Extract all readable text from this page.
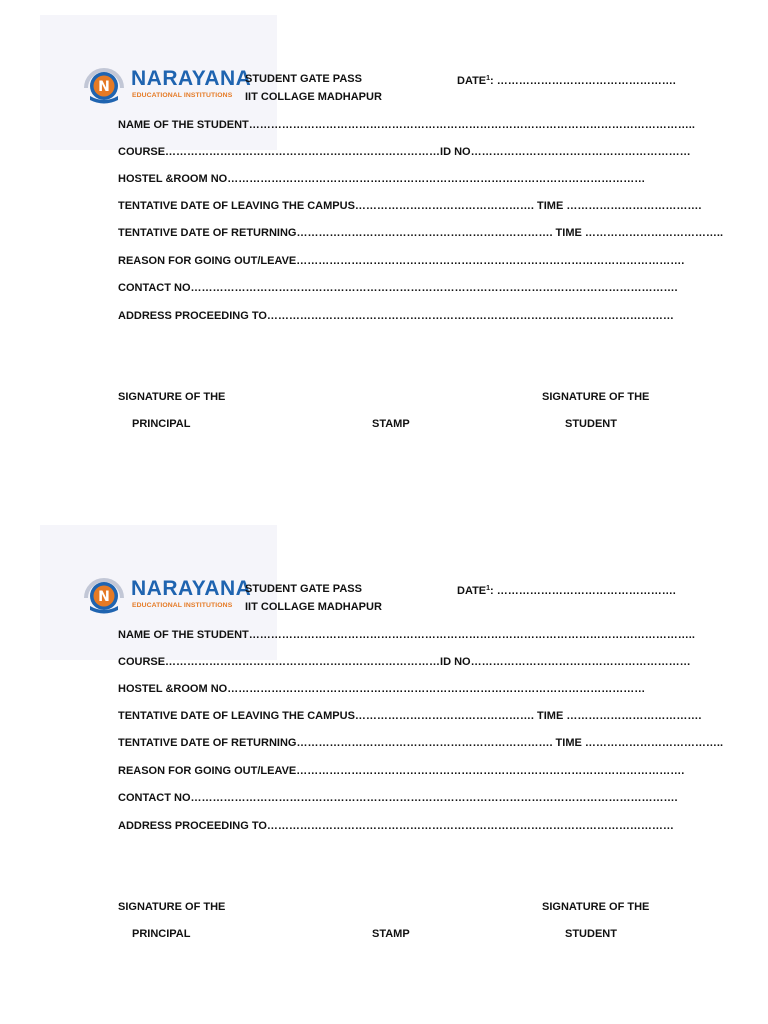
N NARAYANA
EDUCATIONAL INSTITUTIONS
STUDENT GATE PASS
IIT COLLAGE MADHAPUR
DATE$^1$: ………………………………………….
NAME OF THE STUDENT…………………………………………………………………………………………………………..
COURSE…………………………………………………………………ID NO……………………………………………………
HOSTEL &ROOM NO……………………………………………………………………………………………………
TENTATIVE DATE OF LEAVING THE CAMPUS…………………………………………. TIME ……………………………….
TENTATIVE DATE OF RETURNING……………………………………………………………. TIME ………………………………..
REASON FOR GOING OUT/LEAVE…………………………………………………………………………………………….
CONTACT NO…………………………………………………………………………………………………………………….
ADDRESS PROCEEDING TO…………………………………………………………………………………………………
SIGNATURE OF THE
PRINCIPAL	STAMP
SIGNATURE OF THE
STUDENT
N NARAYANA
EDUCATIONAL INSTITUTIONS
STUDENT GATE PASS
IIT COLLAGE MADHAPUR
DATE$^1$: ………………………………………….
NAME OF THE STUDENT…………………………………………………………………………………………………………..
COURSE…………………………………………………………………ID NO……………………………………………………
HOSTEL &ROOM NO……………………………………………………………………………………………………
TENTATIVE DATE OF LEAVING THE CAMPUS…………………………………………. TIME ……………………………….
TENTATIVE DATE OF RETURNING……………………………………………………………. TIME ………………………………..
REASON FOR GOING OUT/LEAVE…………………………………………………………………………………………….
CONTACT NO…………………………………………………………………………………………………………………….
ADDRESS PROCEEDING TO…………………………………………………………………………………………………
SIGNATURE OF THE
PRINCIPAL	STAMP
SIGNATURE OF THE
STUDENT
